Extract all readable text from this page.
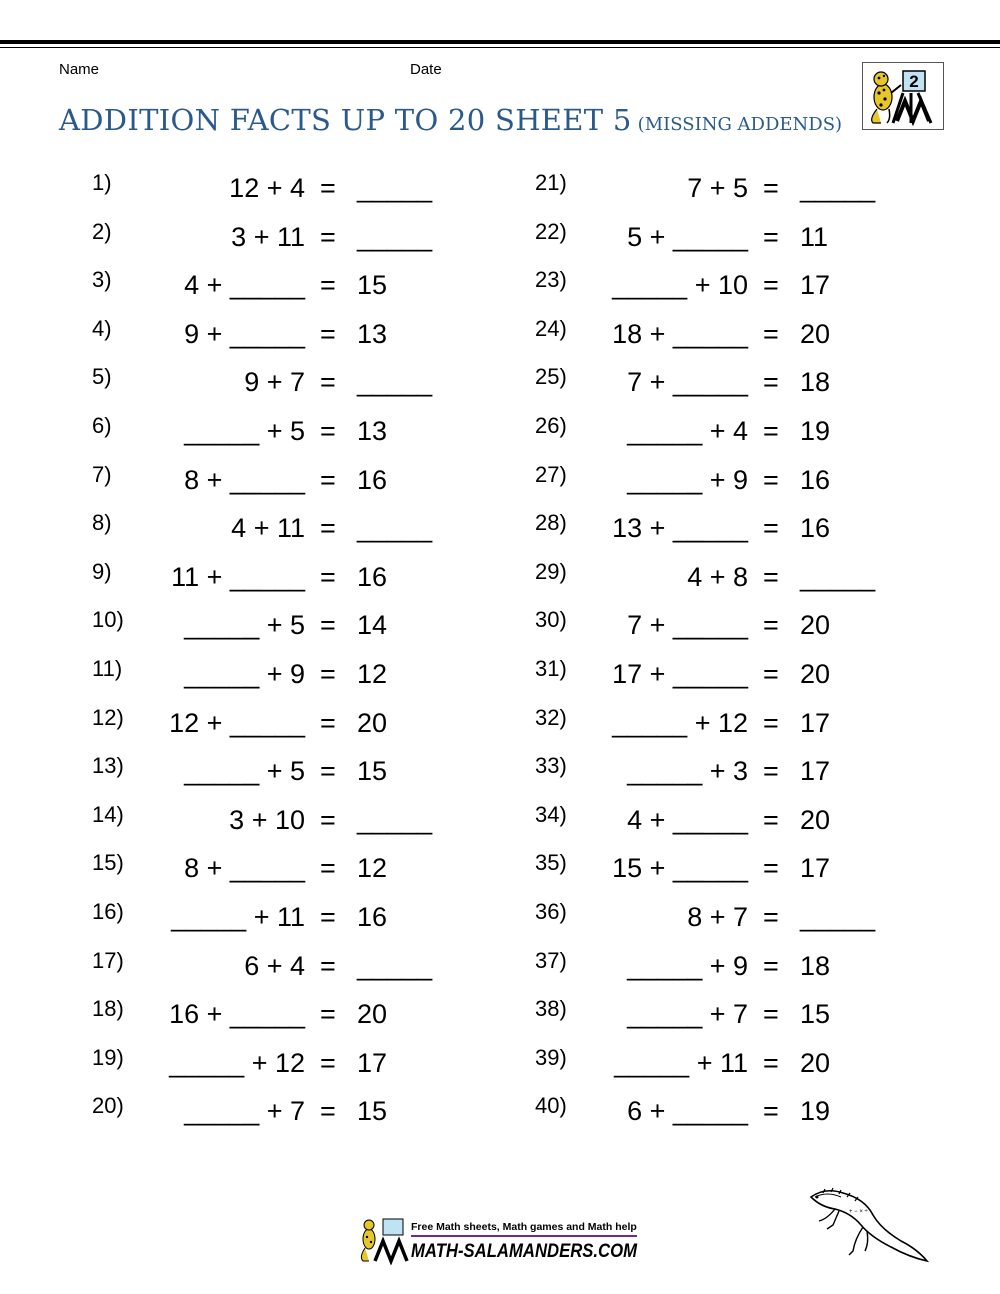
Name	Date
ADDITION FACTS UP TO 20 SHEET 5 (MISSING ADDENDS)
2
1)	12 + 4 = _____
2)	3 + 11 = _____
3)	4 + _____ = 15
4)	9 + _____ = 13
5)	9 + 7 = _____
6)	_____ + 5 = 13
7)	8 + _____ = 16
8)	4 + 11 = _____
9)	11 + _____ = 16
10)	_____ + 5 = 14
11)	_____ + 9 = 12
12)	12 + _____ = 20
13)	_____ + 5 = 15
14)	3 + 10 = _____
15)	8 + _____ = 12
16)	_____ + 11 = 16
17)	6 + 4 = _____
18)	16 + _____ = 20
19)	_____ + 12 = 17
20)	_____ + 7 = 15
21)	7 + 5 = _____
22)	5 + _____ = 11
23)	_____ + 10 = 17
24)	18 + _____ = 20
25)	7 + _____ = 18
26)	_____ + 4 = 19
27)	_____ + 9 = 16
28)	13 + _____ = 16
29)	4 + 8 = _____
30)	7 + _____ = 20
31)	17 + _____ = 20
32)	_____ + 12 = 17
33)	_____ + 3 = 17
34)	4 + _____ = 20
35)	15 + _____ = 17
36)	8 + 7 = _____
37)	_____ + 9 = 18
38)	_____ + 7 = 15
39)	_____ + 11 = 20
40)	6 + _____ = 19
Free Math sheets, Math games and Math help
MATH-SALAMANDERS.COM
+ − × ÷
